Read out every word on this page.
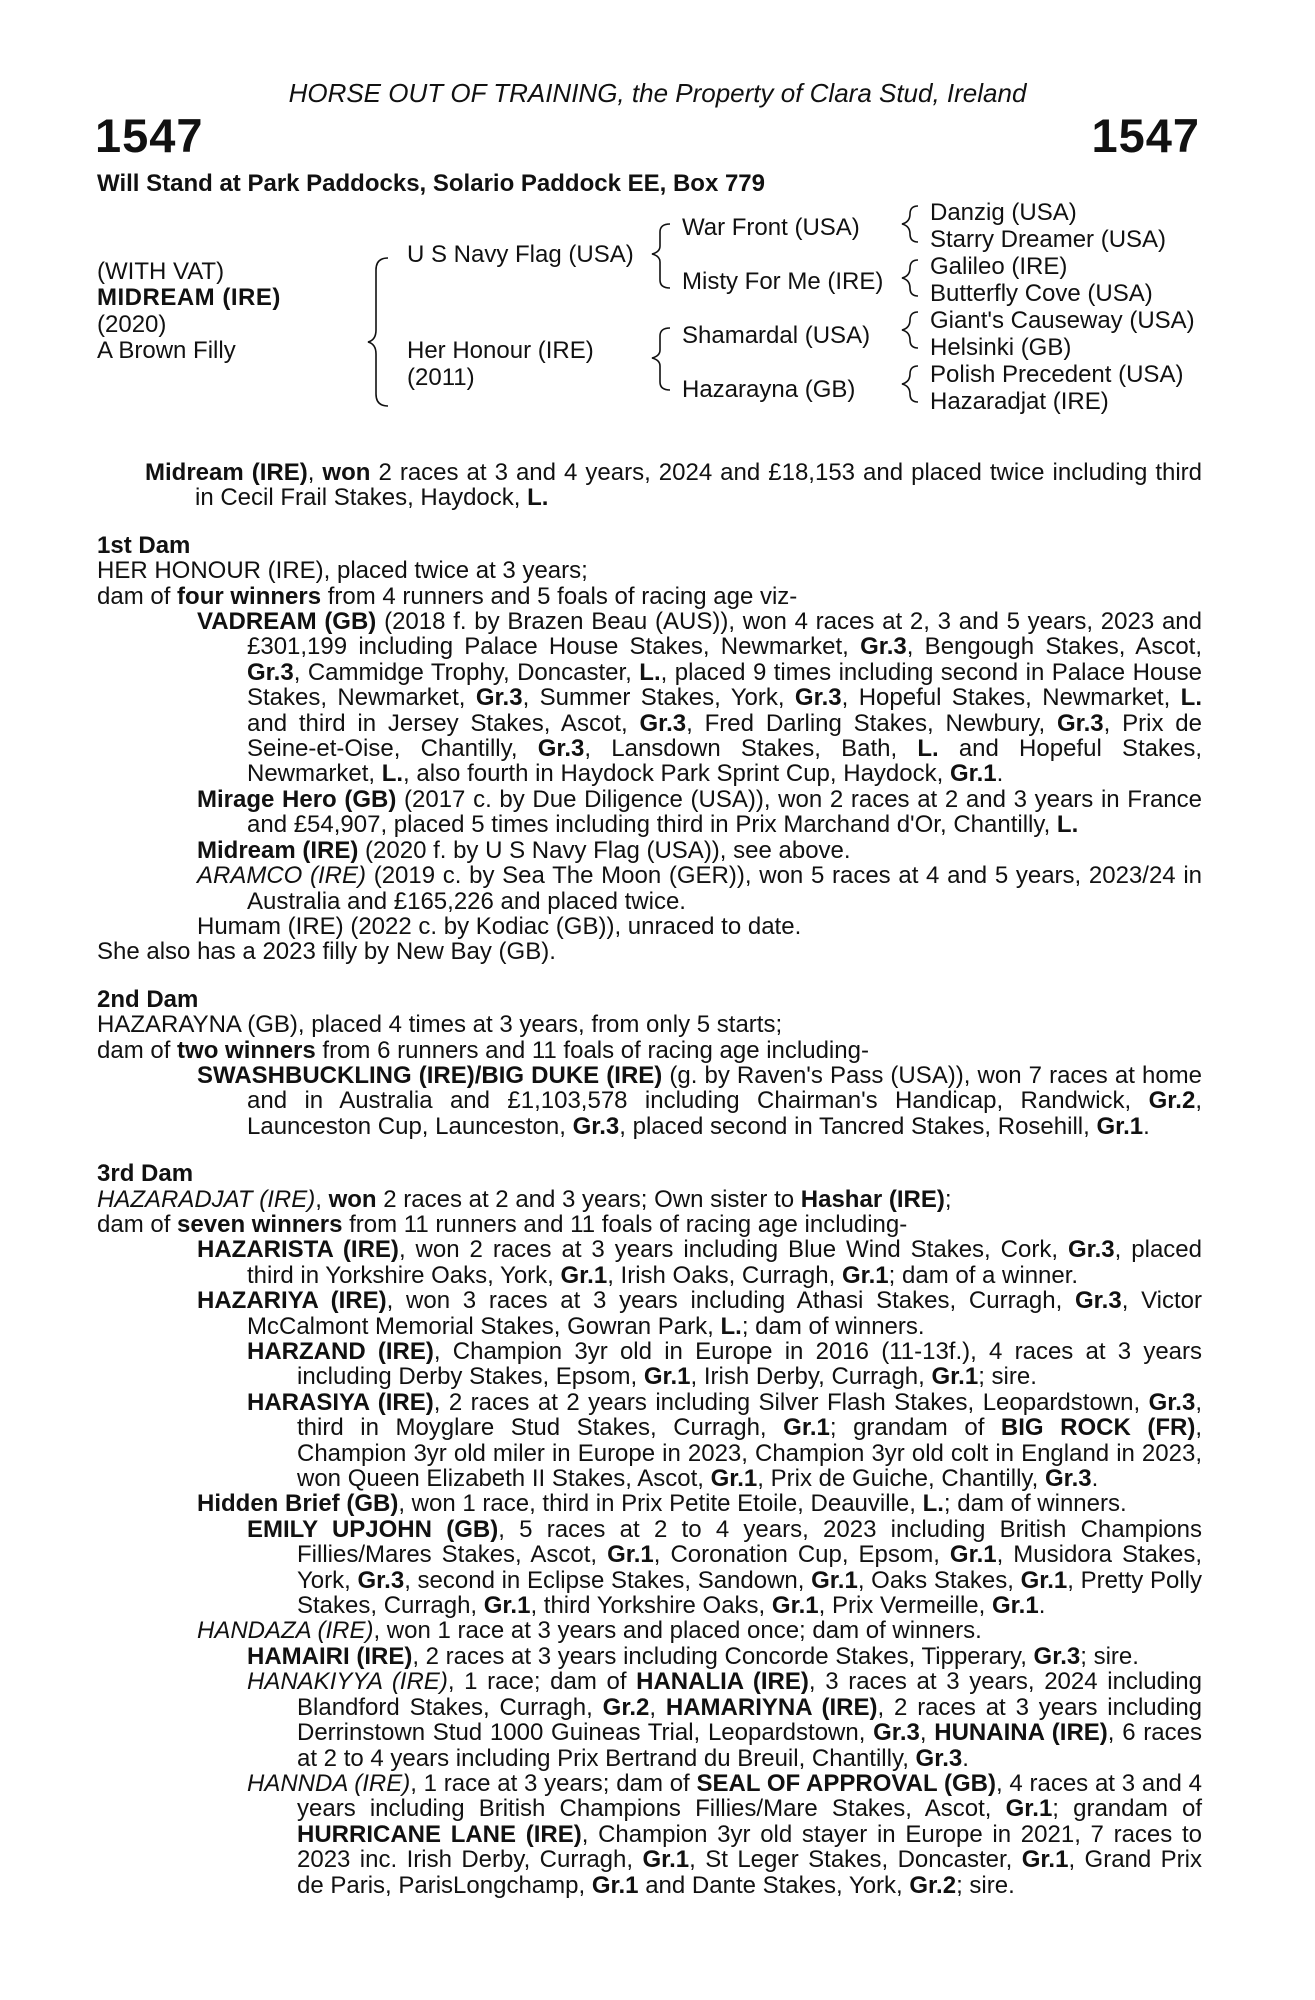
HORSE OUT OF TRAINING, the Property of Clara Stud, Ireland
1547	1547
Will Stand at Park Paddocks, Solario Paddock EE, Box 779
(WITH VAT)
MIDREAM (IRE)
(2020)
A Brown Filly
U S Navy Flag (USA)
Her Honour (IRE)
(2011)
War Front (USA)
Misty For Me (IRE)
Shamardal (USA)
Hazarayna (GB)
Danzig (USA)
Starry Dreamer (USA)
Galileo (IRE)
Butterfly Cove (USA)
Giant's Causeway (USA)
Helsinki (GB)
Polish Precedent (USA)
Hazaradjat (IRE)

Midream (IRE), won 2 races at 3 and 4 years, 2024 and £18,153 and placed twice including third in Cecil Frail Stakes, Haydock, L.

1st Dam

HER HONOUR (IRE), placed twice at 3 years;

dam of four winners from 4 runners and 5 foals of racing age viz-

VADREAM (GB) (2018 f. by Brazen Beau (AUS)), won 4 races at 2, 3 and 5 years, 2023 and £301,199 including Palace House Stakes, Newmarket, Gr.3, Bengough Stakes, Ascot, Gr.3, Cammidge Trophy, Doncaster, L., placed 9 times including second in Palace House Stakes, Newmarket, Gr.3, Summer Stakes, York, Gr.3, Hopeful Stakes, Newmarket, L. and third in Jersey Stakes, Ascot, Gr.3, Fred Darling Stakes, Newbury, Gr.3, Prix de Seine-et-Oise, Chantilly, Gr.3, Lansdown Stakes, Bath, L. and Hopeful Stakes, Newmarket, L., also fourth in Haydock Park Sprint Cup, Haydock, Gr.1.

Mirage Hero (GB) (2017 c. by Due Diligence (USA)), won 2 races at 2 and 3 years in France and £54,907, placed 5 times including third in Prix Marchand d'Or, Chantilly, L.

Midream (IRE) (2020 f. by U S Navy Flag (USA)), see above.

ARAMCO (IRE) (2019 c. by Sea The Moon (GER)), won 5 races at 4 and 5 years, 2023/24 in Australia and £165,226 and placed twice.

Humam (IRE) (2022 c. by Kodiac (GB)), unraced to date.

She also has a 2023 filly by New Bay (GB).

2nd Dam

HAZARAYNA (GB), placed 4 times at 3 years, from only 5 starts;

dam of two winners from 6 runners and 11 foals of racing age including-

SWASHBUCKLING (IRE)/BIG DUKE (IRE) (g. by Raven's Pass (USA)), won 7 races at home and in Australia and £1,103,578 including Chairman's Handicap, Randwick, Gr.2, Launceston Cup, Launceston, Gr.3, placed second in Tancred Stakes, Rosehill, Gr.1.

3rd Dam

HAZARADJAT (IRE), won 2 races at 2 and 3 years; Own sister to Hashar (IRE);

dam of seven winners from 11 runners and 11 foals of racing age including-

HAZARISTA (IRE), won 2 races at 3 years including Blue Wind Stakes, Cork, Gr.3, placed third in Yorkshire Oaks, York, Gr.1, Irish Oaks, Curragh, Gr.1; dam of a winner.

HAZARIYA (IRE), won 3 races at 3 years including Athasi Stakes, Curragh, Gr.3, Victor McCalmont Memorial Stakes, Gowran Park, L.; dam of winners.

HARZAND (IRE), Champion 3yr old in Europe in 2016 (11-13f.), 4 races at 3 years including Derby Stakes, Epsom, Gr.1, Irish Derby, Curragh, Gr.1; sire.

HARASIYA (IRE), 2 races at 2 years including Silver Flash Stakes, Leopardstown, Gr.3, third in Moyglare Stud Stakes, Curragh, Gr.1; grandam of BIG ROCK (FR), Champion 3yr old miler in Europe in 2023, Champion 3yr old colt in England in 2023, won Queen Elizabeth II Stakes, Ascot, Gr.1, Prix de Guiche, Chantilly, Gr.3.

Hidden Brief (GB), won 1 race, third in Prix Petite Etoile, Deauville, L.; dam of winners.

EMILY UPJOHN (GB), 5 races at 2 to 4 years, 2023 including British Champions Fillies/Mares Stakes, Ascot, Gr.1, Coronation Cup, Epsom, Gr.1, Musidora Stakes, York, Gr.3, second in Eclipse Stakes, Sandown, Gr.1, Oaks Stakes, Gr.1, Pretty Polly Stakes, Curragh, Gr.1, third Yorkshire Oaks, Gr.1, Prix Vermeille, Gr.1.

HANDAZA (IRE), won 1 race at 3 years and placed once; dam of winners.

HAMAIRI (IRE), 2 races at 3 years including Concorde Stakes, Tipperary, Gr.3; sire.

HANAKIYYA (IRE), 1 race; dam of HANALIA (IRE), 3 races at 3 years, 2024 including Blandford Stakes, Curragh, Gr.2, HAMARIYNA (IRE), 2 races at 3 years including Derrinstown Stud 1000 Guineas Trial, Leopardstown, Gr.3, HUNAINA (IRE), 6 races at 2 to 4 years including Prix Bertrand du Breuil, Chantilly, Gr.3.

HANNDA (IRE), 1 race at 3 years; dam of SEAL OF APPROVAL (GB), 4 races at 3 and 4 years including British Champions Fillies/Mare Stakes, Ascot, Gr.1; grandam of HURRICANE LANE (IRE), Champion 3yr old stayer in Europe in 2021, 7 races to 2023 inc. Irish Derby, Curragh, Gr.1, St Leger Stakes, Doncaster, Gr.1, Grand Prix de Paris, ParisLongchamp, Gr.1 and Dante Stakes, York, Gr.2; sire.
